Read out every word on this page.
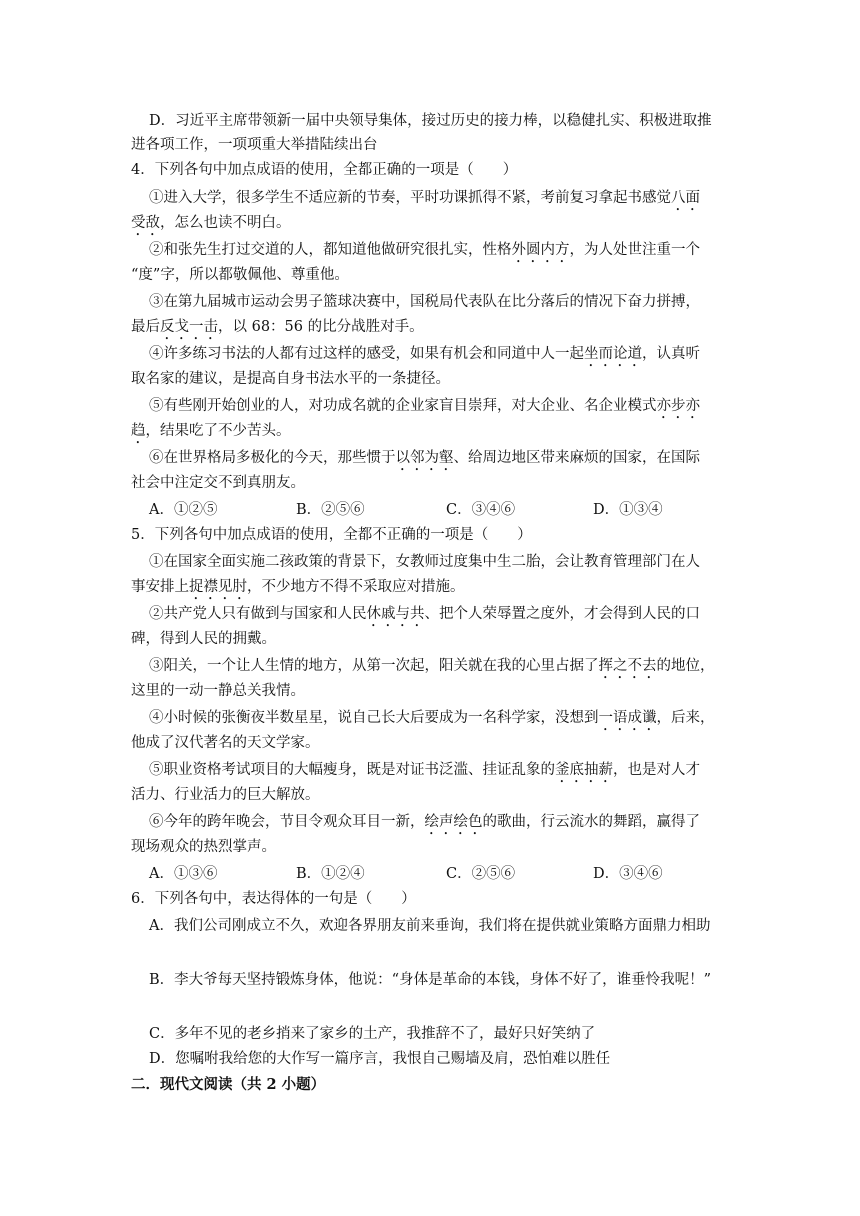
D．习近平主席带领新一届中央领导集体，接过历史的接力棒，以稳健扎实、积极进取推
进各项工作，一项项重大举措陆续出台
4．下列各句中加点成语的使用，全都正确的一项是（　　）
①进入大学，很多学生不适应新的节奏，平时功课抓得不紧，考前复习拿起书感觉八面
受敌，怎么也读不明白。
②和张先生打过交道的人，都知道他做研究很扎实，性格外圆内方，为人处世注重一个
“度”字，所以都敬佩他、尊重他。
③在第九届城市运动会男子篮球决赛中，国税局代表队在比分落后的情况下奋力拼搏，
最后反戈一击，以 68：56 的比分战胜对手。
④许多练习书法的人都有过这样的感受，如果有机会和同道中人一起坐而论道，认真听
取名家的建议，是提高自身书法水平的一条捷径。
⑤有些刚开始创业的人，对功成名就的企业家盲目崇拜，对大企业、名企业模式亦步亦
趋，结果吃了不少苦头。
⑥在世界格局多极化的今天，那些惯于以邻为壑、给周边地区带来麻烦的国家，在国际
社会中注定交不到真朋友。
A．①②⑤	B．②⑤⑥	C．③④⑥	D．①③④
5．下列各句中加点成语的使用，全都不正确的一项是（　　）
①在国家全面实施二孩政策的背景下，女教师过度集中生二胎，会让教育管理部门在人
事安排上捉襟见肘，不少地方不得不采取应对措施。
②共产党人只有做到与国家和人民休戚与共、把个人荣辱置之度外，才会得到人民的口
碑，得到人民的拥戴。
③阳关，一个让人生情的地方，从第一次起，阳关就在我的心里占据了挥之不去的地位，
这里的一动一静总关我情。
④小时候的张衡夜半数星星，说自己长大后要成为一名科学家，没想到一语成谶，后来，
他成了汉代著名的天文学家。
⑤职业资格考试项目的大幅瘦身，既是对证书泛滥、挂证乱象的釜底抽薪，也是对人才
活力、行业活力的巨大解放。
⑥今年的跨年晚会，节目令观众耳目一新，绘声绘色的歌曲，行云流水的舞蹈，赢得了
现场观众的热烈掌声。
A．①③⑥	B．①②④	C．②⑤⑥	D．③④⑥
6．下列各句中，表达得体的一句是（　　）
A．我们公司刚成立不久，欢迎各界朋友前来垂询，我们将在提供就业策略方面鼎力相助
B．李大爷每天坚持锻炼身体，他说：“身体是革命的本钱，身体不好了，谁垂怜我呢！”
C．多年不见的老乡捎来了家乡的土产，我推辞不了，最好只好笑纳了
D．您嘱咐我给您的大作写一篇序言，我恨自己赐墙及肩，恐怕难以胜任
二．现代文阅读（共 2 小题）
